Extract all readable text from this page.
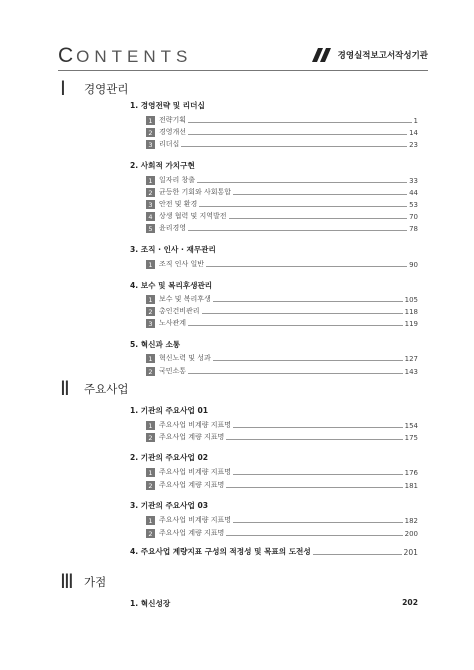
CONTENTS	경영실적보고서작성기관
Ⅰ	경영관리
1. 경영전략 및 리더십
1 전략기획	1
2 경영개선	14
3 리더십	23
2. 사회적 가치구현
1 일자리 창출	33
2 균등한 기회와 사회통합	44
3 안전 및 환경	53
4 상생 협력 및 지역발전	70
5 윤리경영	78
3. 조직 · 인사 · 재무관리
1 조직 인사 일반	90
4. 보수 및 복리후생관리
1 보수 및 복리후생	105
2 총인건비관리	118
3 노사관계	119
5. 혁신과 소통
1 혁신노력 및 성과	127
2 국민소통	143
Ⅱ	주요사업
1. 기관의 주요사업 01
1 주요사업 비계량 지표명	154
2 주요사업 계량 지표명	175
2. 기관의 주요사업 02
1 주요사업 비계량 지표명	176
2 주요사업 계량 지표명	181
3. 기관의 주요사업 03
1 주요사업 비계량 지표명	182
2 주요사업 계량 지표명	200
4. 주요사업 계량지표 구성의 적정성 및 목표의 도전성	201
Ⅲ 가점
1. 혁신성장	202
